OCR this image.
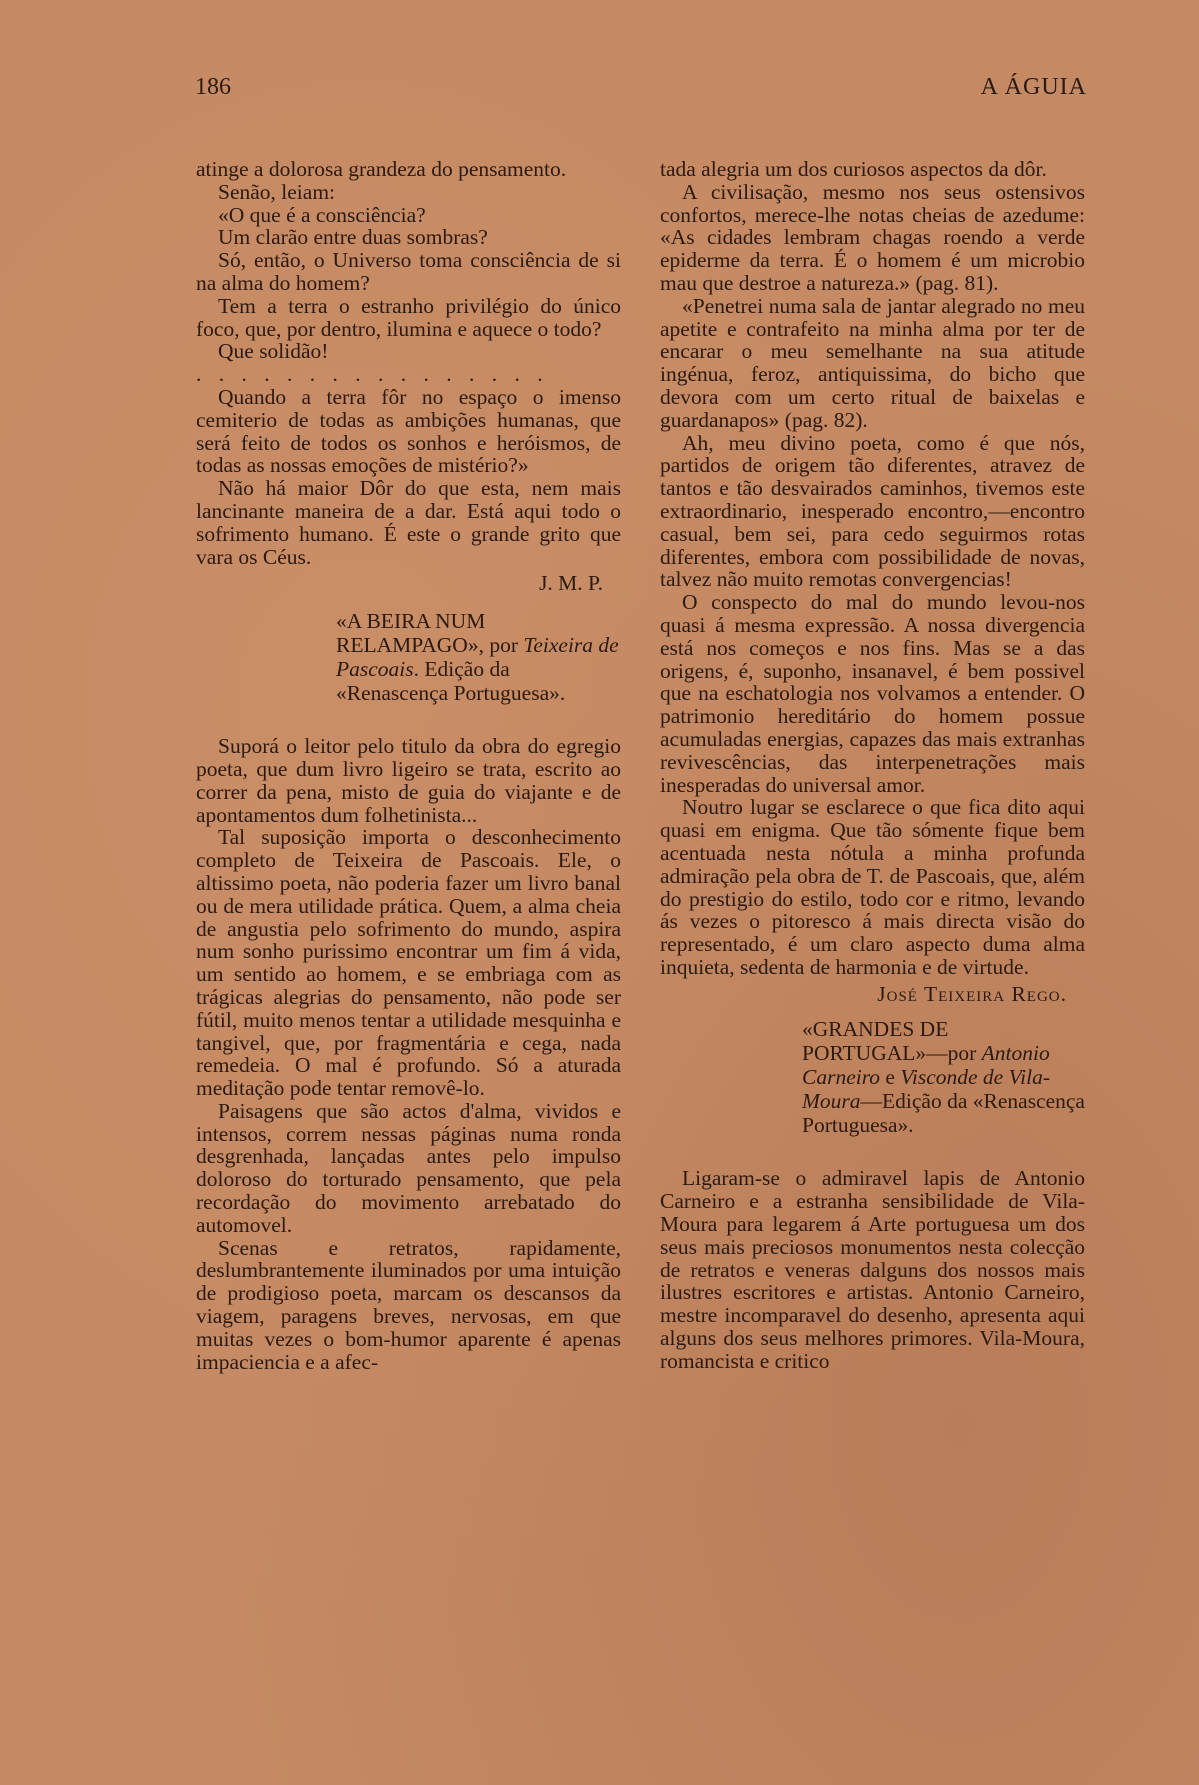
186	A ÁGUIA

atinge a dolorosa grandeza do pensamento.

Senão, leiam:

«O que é a consciência?

Um clarão entre duas sombras?

Só, então, o Universo toma consciência de si na alma do homem?

Tem a terra o estranho privilégio do único foco, que, por dentro, ilumina e aquece o todo?

Que solidão!

. . . . . . . . . . . . . . . .

Quando a terra fôr no espaço o imenso cemiterio de todas as ambições humanas, que será feito de todos os sonhos e heróismos, de todas as nossas emoções de mistério?»

Não há maior Dôr do que esta, nem mais lancinante maneira de a dar. Está aqui todo o sofrimento humano. É este o grande grito que vara os Céus.

J. M. P.

«A BEIRA NUM RELAMPAGO», por Teixeira de Pascoais. Edição da «Renascença Portuguesa».

Suporá o leitor pelo titulo da obra do egregio poeta, que dum livro ligeiro se trata, escrito ao correr da pena, misto de guia do viajante e de apontamentos dum folhetinista...

Tal suposição importa o desconhecimento completo de Teixeira de Pascoais. Ele, o altissimo poeta, não poderia fazer um livro banal ou de mera utilidade prática. Quem, a alma cheia de angustia pelo sofrimento do mundo, aspira num sonho purissimo encontrar um fim á vida, um sentido ao homem, e se embriaga com as trágicas alegrias do pensamento, não pode ser fútil, muito menos tentar a utilidade mesquinha e tangivel, que, por fragmentária e cega, nada remedeia. O mal é profundo. Só a aturada meditação pode tentar removê-lo.

Paisagens que são actos d'alma, vividos e intensos, correm nessas páginas numa ronda desgrenhada, lançadas antes pelo impulso doloroso do torturado pensamento, que pela recordação do movimento arrebatado do automovel.

Scenas e retratos, rapidamente, deslumbrantemente iluminados por uma intuição de prodigioso poeta, marcam os descansos da viagem, paragens breves, nervosas, em que muitas vezes o bom-humor aparente é apenas impaciencia e a afec-

tada alegria um dos curiosos aspectos da dôr.

A civilisação, mesmo nos seus ostensivos confortos, merece-lhe notas cheias de azedume: «As cidades lembram chagas roendo a verde epiderme da terra. É o homem é um microbio mau que destroe a natureza.» (pag. 81).

«Penetrei numa sala de jantar alegrado no meu apetite e contrafeito na minha alma por ter de encarar o meu semelhante na sua atitude ingénua, feroz, antiquissima, do bicho que devora com um certo ritual de baixelas e guardanapos» (pag. 82).

Ah, meu divino poeta, como é que nós, partidos de origem tão diferentes, atravez de tantos e tão desvairados caminhos, tivemos este extraordinario, inesperado encontro,—encontro casual, bem sei, para cedo seguirmos rotas diferentes, embora com possibilidade de novas, talvez não muito remotas convergencias!

O conspecto do mal do mundo levou-nos quasi á mesma expressão. A nossa divergencia está nos começos e nos fins. Mas se a das origens, é, suponho, insanavel, é bem possivel que na eschatologia nos volvamos a entender. O patrimonio hereditário do homem possue acumuladas energias, capazes das mais extranhas revivescências, das interpenetrações mais inesperadas do universal amor.

Noutro lugar se esclarece o que fica dito aqui quasi em enigma. Que tão sómente fique bem acentuada nesta nótula a minha profunda admiração pela obra de T. de Pascoais, que, além do prestigio do estilo, todo cor e ritmo, levando ás vezes o pitoresco á mais directa visão do representado, é um claro aspecto duma alma inquieta, sedenta de harmonia e de virtude.

José Teixeira Rego.

«GRANDES DE PORTUGAL»—por Antonio Carneiro e Visconde de Vila-Moura—Edição da «Renascença Portuguesa».

Ligaram-se o admiravel lapis de Antonio Carneiro e a estranha sensibilidade de Vila-Moura para legarem á Arte portuguesa um dos seus mais preciosos monumentos nesta colecção de retratos e veneras dalguns dos nossos mais ilustres escritores e artistas. Antonio Carneiro, mestre incomparavel do desenho, apresenta aqui alguns dos seus melhores primores. Vila-Moura, romancista e critico
